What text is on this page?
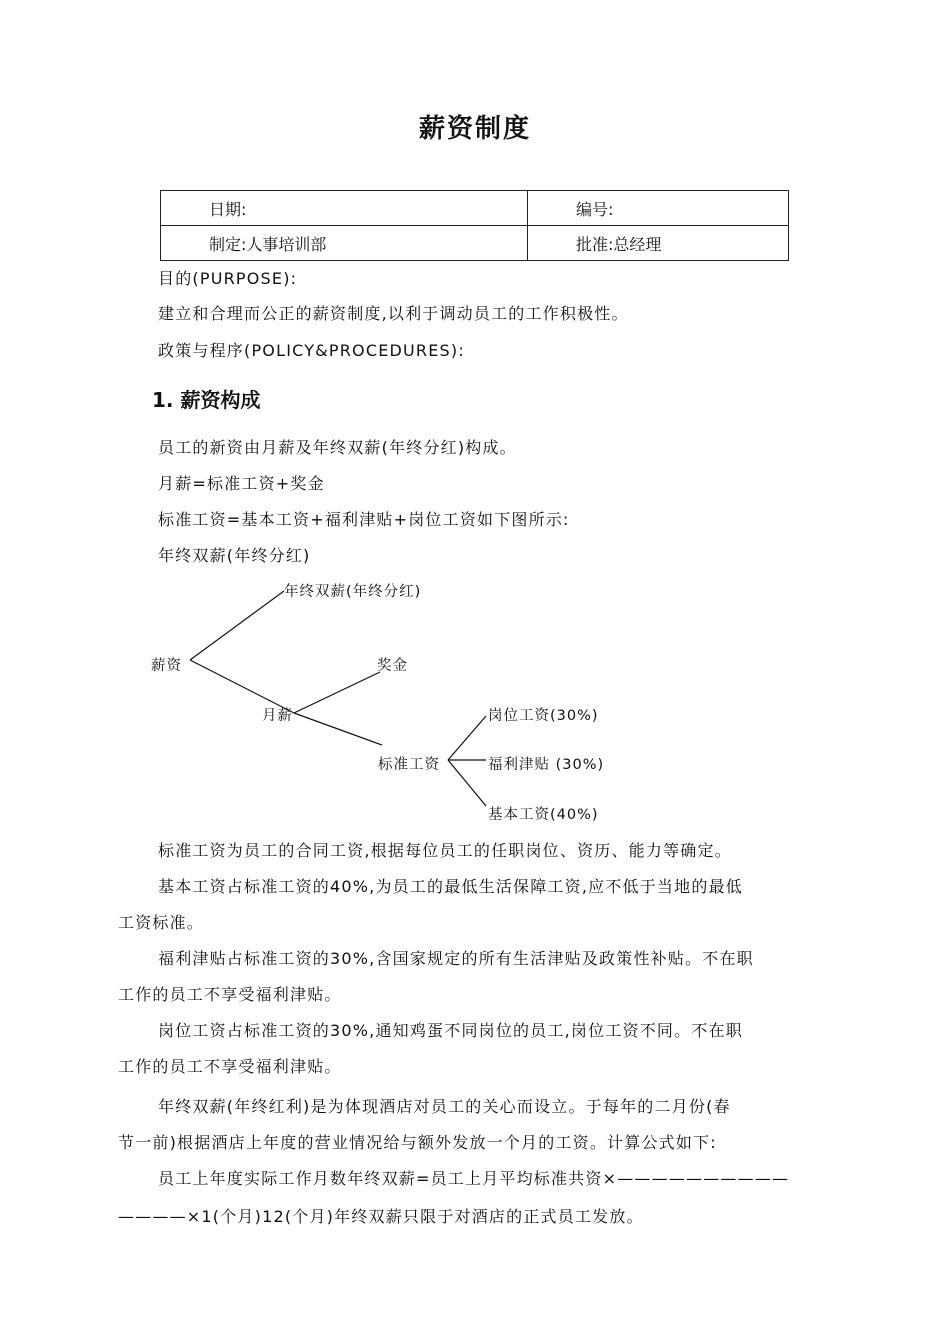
薪资制度
日期:	编号:
制定:人事培训部	批准:总经理
目的(PURPOSE):
建立和合理而公正的薪资制度,以利于调动员工的工作积极性。
政策与程序(POLICY&PROCEDURES):
1. 薪资构成
员工的新资由月薪及年终双薪(年终分红)构成。
月薪=标准工资+奖金
标准工资=基本工资+福利津贴+岗位工资如下图所示:
年终双薪(年终分红)
年终双薪(年终分红)
薪资	奖金
月薪	岗位工资(30%)
标准工资	福利津贴 (30%)
基本工资(40%)
标准工资为员工的合同工资,根据每位员工的任职岗位、资历、能力等确定。
基本工资占标准工资的40%,为员工的最低生活保障工资,应不低于当地的最低
工资标准。
福利津贴占标准工资的30%,含国家规定的所有生活津贴及政策性补贴。不在职
工作的员工不享受福利津贴。
岗位工资占标准工资的30%,通知鸡蛋不同岗位的员工,岗位工资不同。不在职
工作的员工不享受福利津贴。
年终双薪(年终红利)是为体现酒店对员工的关心而设立。于每年的二月份(春
节一前)根据酒店上年度的营业情况给与额外发放一个月的工资。计算公式如下:
员工上年度实际工作月数年终双薪=员工上月平均标准共资×——————————
————×1(个月)12(个月)年终双薪只限于对酒店的正式员工发放。
